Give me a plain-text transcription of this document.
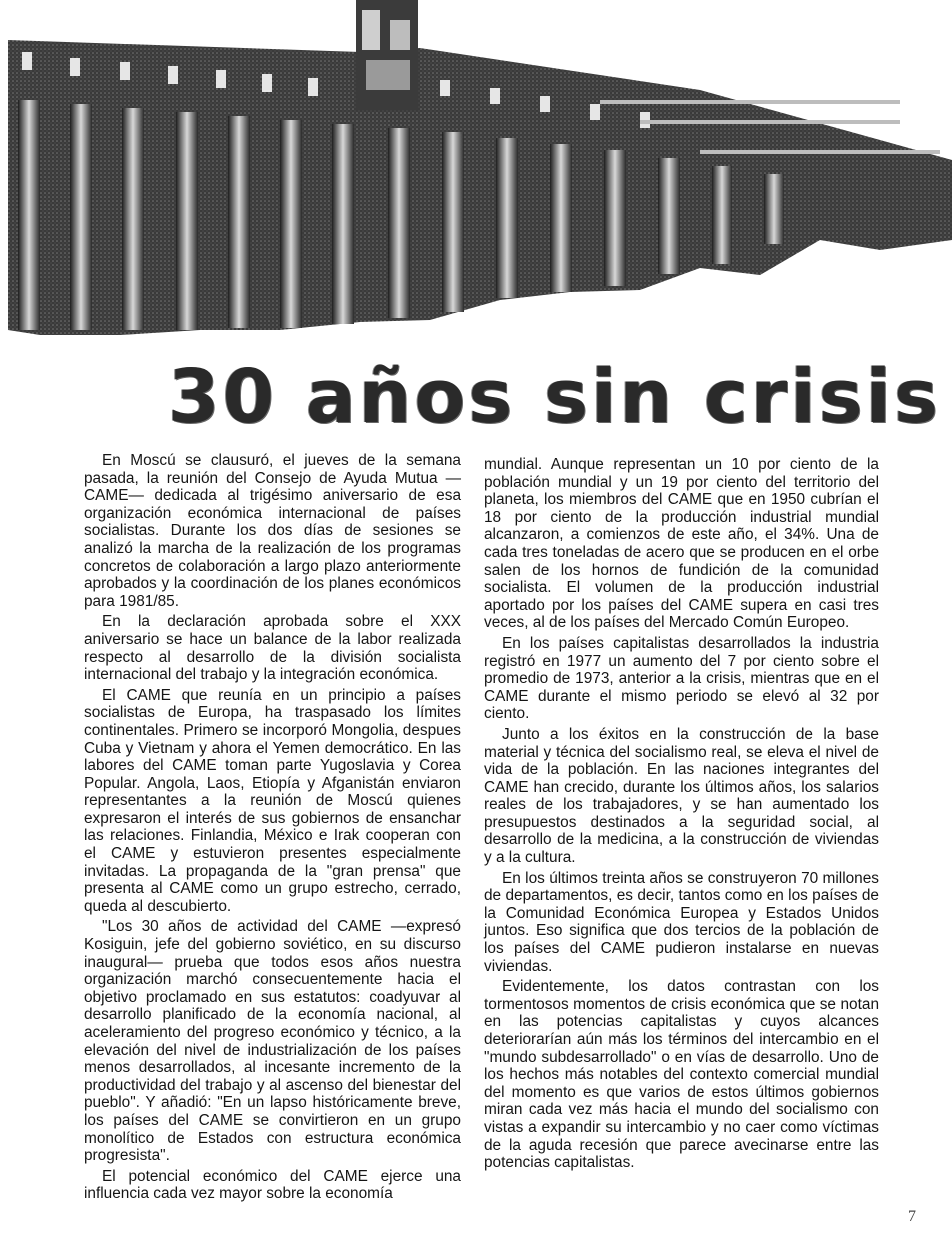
30 años sin crisis

En Moscú se clausuró, el jueves de la semana pasada, la reunión del Consejo de Ayuda Mutua —CAME— dedicada al trigésimo aniversario de esa organización económica internacional de países socialistas. Durante los dos días de sesiones se analizó la marcha de la realización de los programas concretos de colaboración a largo plazo anteriormente aprobados y la coordinación de los planes económicos para 1981/85.

En la declaración aprobada sobre el XXX aniversario se hace un balance de la labor realizada respecto al desarrollo de la división socialista internacional del trabajo y la integración económica.

El CAME que reunía en un principio a países socialistas de Europa, ha traspasado los límites continentales. Primero se incorporó Mongolia, despues Cuba y Vietnam y ahora el Yemen democrático. En las labores del CAME toman parte Yugoslavia y Corea Popular. Angola, Laos, Etiopía y Afganistán enviaron representantes a la reunión de Moscú quienes expresaron el interés de sus gobiernos de ensanchar las relaciones. Finlandia, México e Irak cooperan con el CAME y estuvieron presentes especialmente invitadas. La propaganda de la "gran prensa" que presenta al CAME como un grupo estrecho, cerrado, queda al descubierto.

"Los 30 años de actividad del CAME —expresó Kosiguin, jefe del gobierno soviético, en su discurso inaugural— prueba que todos esos años nuestra organización marchó consecuentemente hacia el objetivo proclamado en sus estatutos: coadyuvar al desarrollo planificado de la economía nacional, al aceleramiento del progreso económico y técnico, a la elevación del nivel de industrialización de los países menos desarrollados, al incesante incremento de la productividad del trabajo y al ascenso del bienestar del pueblo". Y añadió: "En un lapso históricamente breve, los países del CAME se convirtieron en un grupo monolítico de Estados con estructura económica progresista".

El potencial económico del CAME ejerce una influencia cada vez mayor sobre la economía

mundial. Aunque representan un 10 por ciento de la población mundial y un 19 por ciento del territorio del planeta, los miembros del CAME que en 1950 cubrían el 18 por ciento de la producción industrial mundial alcanzaron, a comienzos de este año, el 34%. Una de cada tres toneladas de acero que se producen en el orbe salen de los hornos de fundición de la comunidad socialista. El volumen de la producción industrial aportado por los países del CAME supera en casi tres veces, al de los países del Mercado Común Europeo.

En los países capitalistas desarrollados la industria registró en 1977 un aumento del 7 por ciento sobre el promedio de 1973, anterior a la crisis, mientras que en el CAME durante el mismo periodo se elevó al 32 por ciento.

Junto a los éxitos en la construcción de la base material y técnica del socialismo real, se eleva el nivel de vida de la población. En las naciones integrantes del CAME han crecido, durante los últimos años, los salarios reales de los trabajadores, y se han aumentado los presupuestos destinados a la seguridad social, al desarrollo de la medicina, a la construcción de viviendas y a la cultura.

En los últimos treinta años se construyeron 70 millones de departamentos, es decir, tantos como en los países de la Comunidad Económica Europea y Estados Unidos juntos. Eso significa que dos tercios de la población de los países del CAME pudieron instalarse en nuevas viviendas.

Evidentemente, los datos contrastan con los tormentosos momentos de crisis económica que se notan en las potencias capitalistas y cuyos alcances deteriorarían aún más los términos del intercambio en el "mundo subdesarrollado" o en vías de desarrollo. Uno de los hechos más notables del contexto comercial mundial del momento es que varios de estos últimos gobiernos miran cada vez más hacia el mundo del socialismo con vistas a expandir su intercambio y no caer como víctimas de la aguda recesión que parece avecinarse entre las potencias capitalistas.

7
